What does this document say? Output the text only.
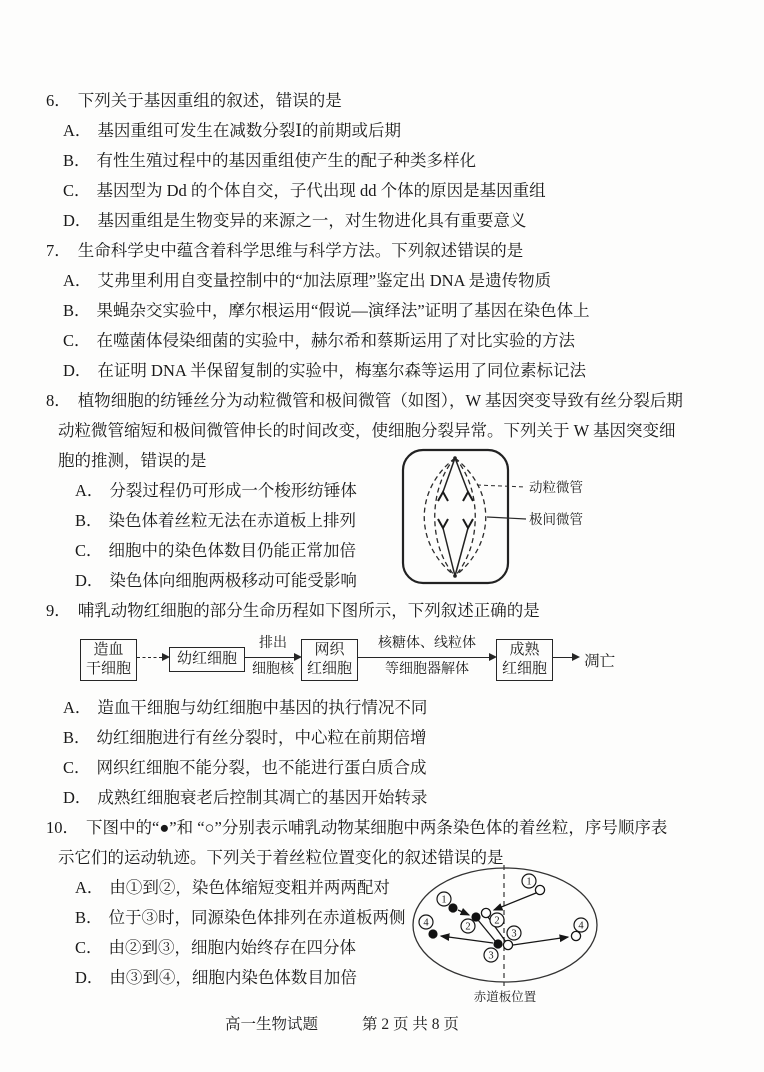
6． 下列关于基因重组的叙述，错误的是
A． 基因重组可发生在减数分裂Ⅰ的前期或后期
B． 有性生殖过程中的基因重组使产生的配子种类多样化
C． 基因型为 Dd 的个体自交，子代出现 dd 个体的原因是基因重组
D． 基因重组是生物变异的来源之一，对生物进化具有重要意义
7． 生命科学史中蕴含着科学思维与科学方法。下列叙述错误的是
A． 艾弗里利用自变量控制中的“加法原理”鉴定出 DNA 是遗传物质
B． 果蝇杂交实验中，摩尔根运用“假说—演绎法”证明了基因在染色体上
C． 在噬菌体侵染细菌的实验中，赫尔希和蔡斯运用了对比实验的方法
D． 在证明 DNA 半保留复制的实验中，梅塞尔森等运用了同位素标记法
8． 植物细胞的纺锤丝分为动粒微管和极间微管（如图），W 基因突变导致有丝分裂后期
动粒微管缩短和极间微管伸长的时间改变，使细胞分裂异常。下列关于 W 基因突变细
胞的推测，错误的是
A． 分裂过程仍可形成一个梭形纺锤体
B． 染色体着丝粒无法在赤道板上排列
C． 细胞中的染色体数目仍能正常加倍
D． 染色体向细胞两极移动可能受影响
动粒微管
极间微管
9． 哺乳动物红细胞的部分生命历程如下图所示，下列叙述正确的是
造血
干细胞
幼红细胞
排出
细胞核
网织
红细胞
核糖体、线粒体
等细胞器解体
成熟
红细胞 凋亡
A． 造血干细胞与幼红细胞中基因的执行情况不同
B． 幼红细胞进行有丝分裂时，中心粒在前期倍增
C． 网织红细胞不能分裂，也不能进行蛋白质合成
D． 成熟红细胞衰老后控制其凋亡的基因开始转录
10． 下图中的“●”和 “○”分别表示哺乳动物某细胞中两条染色体的着丝粒，序号顺序表
示它们的运动轨迹。下列关于着丝粒位置变化的叙述错误的是
A． 由①到②，染色体缩短变粗并两两配对
B． 位于③时，同源染色体排列在赤道板两侧
C． 由②到③，细胞内始终存在四分体
D． 由③到④，细胞内染色体数目加倍
赤道板位置
1
2
3
4
1
2
3
4
高一生物试题	第 2 页 共 8 页
